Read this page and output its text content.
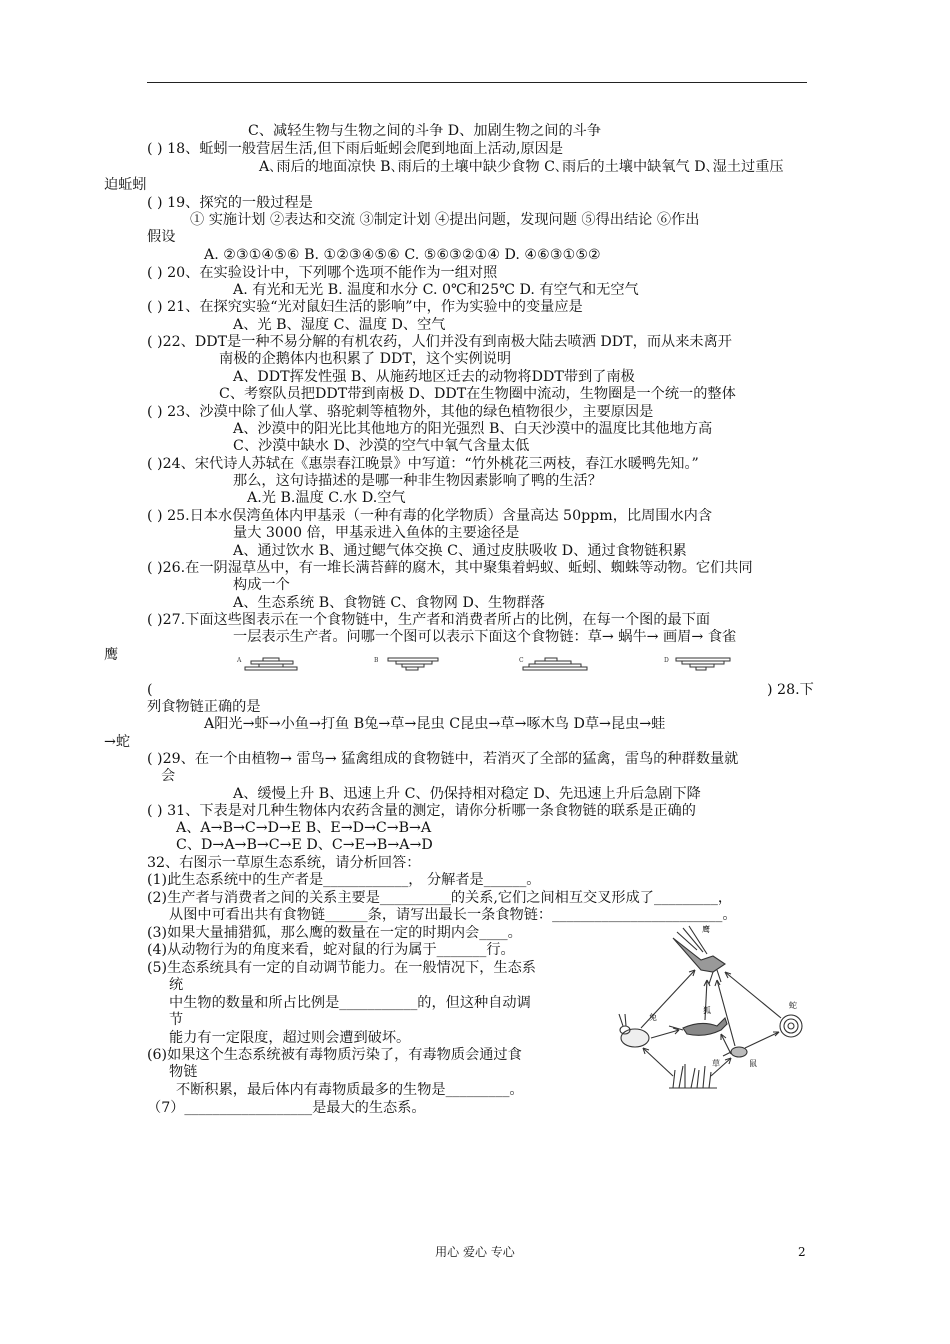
C、减轻生物与生物之间的斗争 D、加剧生物之间的斗争
( ) 18、蚯蚓一般营居生活,但下雨后蚯蚓会爬到地面上活动,原因是
A､雨后的地面凉快 B､雨后的土壤中缺少食物 C､雨后的土壤中缺氧气 D､湿土过重压
迫蚯蚓
( ) 19、探究的一般过程是
① 实施计划 ②表达和交流 ③制定计划 ④提出问题，发现问题 ⑤得出结论 ⑥作出
假设
A. ②③①④⑤⑥ B. ①②③④⑤⑥ C. ⑤⑥③②①④ D. ④⑥③①⑤②
( ) 20、在实验设计中，下列哪个选项不能作为一组对照
A. 有光和无光 B. 温度和水分 C. 0℃和25℃ D. 有空气和无空气
( ) 21、在探究实验“光对鼠妇生活的影响”中，作为实验中的变量应是
A、光 B、湿度 C、温度 D、空气
( )22、DDT是一种不易分解的有机农药，人们并没有到南极大陆去喷洒 DDT，而从来未离开
南极的企鹅体内也积累了 DDT，这个实例说明
A、DDT挥发性强 B、从施药地区迁去的动物将DDT带到了南极
C、考察队员把DDT带到南极 D、DDT在生物圈中流动，生物圈是一个统一的整体
( ) 23、沙漠中除了仙人掌、骆驼刺等植物外，其他的绿色植物很少，主要原因是
A、沙漠中的阳光比其他地方的阳光强烈 B、白天沙漠中的温度比其他地方高
C、沙漠中缺水 D、沙漠的空气中氧气含量太低
( )24、宋代诗人苏轼在《惠崇春江晚景》中写道：“竹外桃花三两枝，春江水暖鸭先知。”
那么，这句诗描述的是哪一种非生物因素影响了鸭的生活？
A.光 B.温度 C.水 D.空气
( ) 25.日本水俣湾鱼体内甲基汞（一种有毒的化学物质）含量高达 50ppm，比周围水内含
量大 3000 倍，甲基汞进入鱼体的主要途径是
A、通过饮水 B、通过鳃气体交换 C、通过皮肤吸收 D、通过食物链积累
( )26.在一阴湿草丛中，有一堆长满苔藓的腐木，其中聚集着蚂蚁、蚯蚓、蜘蛛等动物。它们共同
构成一个
A、生态系统 B、食物链 C、食物网 D、生物群落
( )27.下面这些图表示在一个食物链中，生产者和消费者所占的比例，在每一个图的最下面
一层表示生产者。问哪一个图可以表示下面这个食物链：草→ 蜗牛→ 画眉→ 食雀
鹰	A	B	C	D
(	) 28.下
列食物链正确的是
A阳光→虾→小鱼→打鱼 B兔→草→昆虫 C昆虫→草→啄木鸟 D草→昆虫→蛙
→蛇
( )29、在一个由植物→ 雷鸟→ 猛禽组成的食物链中，若消灭了全部的猛禽，雷鸟的种群数量就
会
A、缓慢上升 B、迅速上升 C、仍保持相对稳定 D、先迅速上升后急剧下降
( ) 31、下表是对几种生物体内农药含量的测定，请你分析哪一条食物链的联系是正确的
A、A→B→C→D→E B、E→D→C→B→A
C、D→A→B→C→E D、C→E→B→A→D
32、右图示一草原生态系统，请分析回答：
(1)此生态系统中的生产者是____________， 分解者是______。
(2)生产者与消费者之间的关系主要是__________的关系,它们之间相互交叉形成了_________，
从图中可看出共有食物链______条，请写出最长一条食物链：________________________。
(3)如果大量捕猎狐，那么鹰的数量在一定的时期内会____。
(4)从动物行为的角度来看，蛇对鼠的行为属于_______行。
(5)生态系统具有一定的自动调节能力。在一般情况下，生态系
统
中生物的数量和所占比例是___________的，但这种自动调
节
能力有一定限度，超过则会遭到破坏。
(6)如果这个生态系统被有毒物质污染了，有毒物质会通过食
物链
不断积累，最后体内有毒物质最多的生物是_________。
（7）__________________是最大的生态系。
鹰
兔
狐
蛇
草	鼠
用心 爱心 专心	2
